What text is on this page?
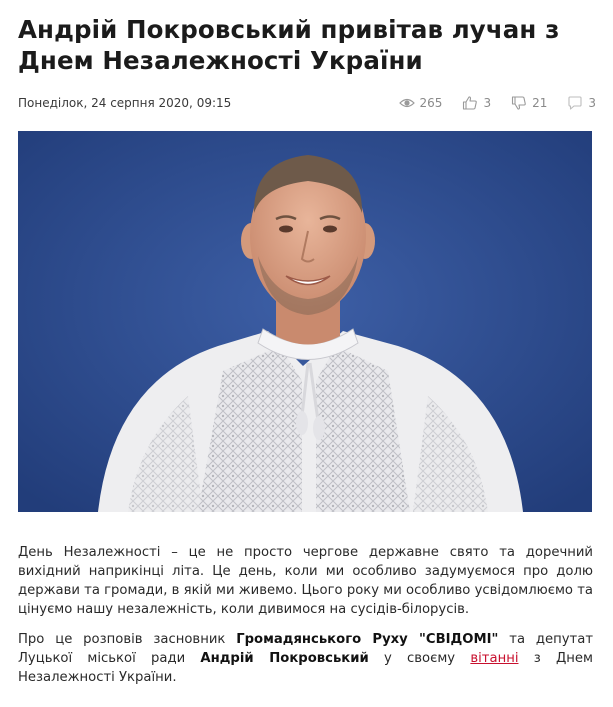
Андрій Покровський привітав лучан з
Днем Незалежності України
Понеділок, 24 серпня 2020, 09:15	265	3	21	3

День Незалежності – це не просто чергове державне свято та доречний вихідний наприкінці літа. Це день, коли ми особливо задумуємося про долю держави та громади, в якій ми живемо. Цього року ми особливо усвідомлюємо та цінуємо нашу незалежність, коли дивимося на сусідів-білорусів.

Про це розповів засновник Громадянського Руху "СВІДОМІ" та депутат Луцької міської ради Андрій Покровський у своєму вітанні з Днем Незалежності України.
